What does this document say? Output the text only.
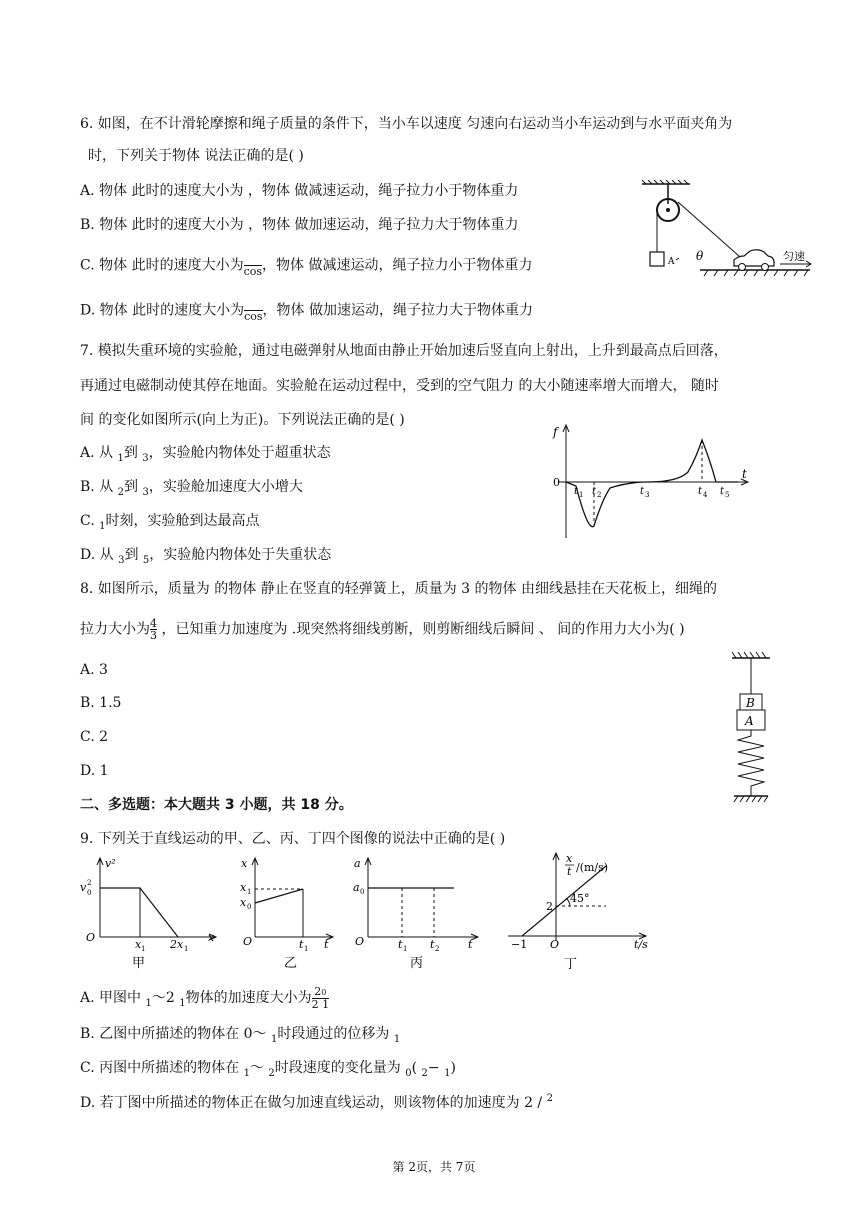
6. 如图，在不计滑轮摩擦和绳子质量的条件下，当小车以速度 匀速向右运动当小车运动到与水平面夹角为
时，下列关于物体 说法正确的是( )
A. 物体 此时的速度大小为 ，物体 做减速运动，绳子拉力小于物体重力
B. 物体 此时的速度大小为 ，物体 做加速运动，绳子拉力大于物体重力
C. 物体 此时的速度大小为
cos ，物体 做减速运动，绳子拉力小于物体重力
D. 物体 此时的速度大小为
cos ，物体 做加速运动，绳子拉力大于物体重力
A θ	匀速
7. 模拟失重环境的实验舱，通过电磁弹射从地面由静止开始加速后竖直向上射出，上升到最高点后回落，
再通过电磁制动使其停在地面。实验舱在运动过程中，受到的空气阻力 的大小随速率增大而增大， 随时
间 的变化如图所示(向上为正)。下列说法正确的是( )
A. 从 $_1$到 $_3$，实验舱内物体处于超重状态
B. 从 $_2$到 $_3$，实验舱加速度大小增大
C. $_1$时刻，实验舱到达最高点
D. 从 $_3$到 $_5$，实验舱内物体处于失重状态
f
0
t
t 1 t 2	t 3	t 4 t 5
8. 如图所示，质量为 的物体 静止在竖直的轻弹簧上，质量为 3 的物体 由细线悬挂在天花板上，细绳的
拉力大小为$\frac{4}{3}$ ，已知重力加速度为 .现突然将细线剪断，则剪断细线后瞬间 、 间的作用力大小为( )
A. 3
B. 1.5
C. 2
D. 1
B
A
二、多选题：本大题共 3 小题，共 18 分。
9. 下列关于直线运动的甲、乙、丙、丁四个图像的说法中正确的是( )
v²
v 0
2
O
x 1 2x 1
x
甲
x
x 1
x 0
O	t 1 t
乙
a
a 0
O	t 1 t 2	t
丙
x
t /(m/s)
2
45°
−1 O	t/s
丁
A. 甲图中 $_1$～2 $_1$物体的加速度大小为$\frac{20}{2 1}$
B. 乙图中所描述的物体在 0～ $_1$时段通过的位移为 $_1$
C. 丙图中所描述的物体在 $_1$～ $_2$时段速度的变化量为 $_0$( $_2$− $_1$)
D. 若丁图中所描述的物体正在做匀加速直线运动，则该物体的加速度为 2 / $^2$
第 2页，共 7页
